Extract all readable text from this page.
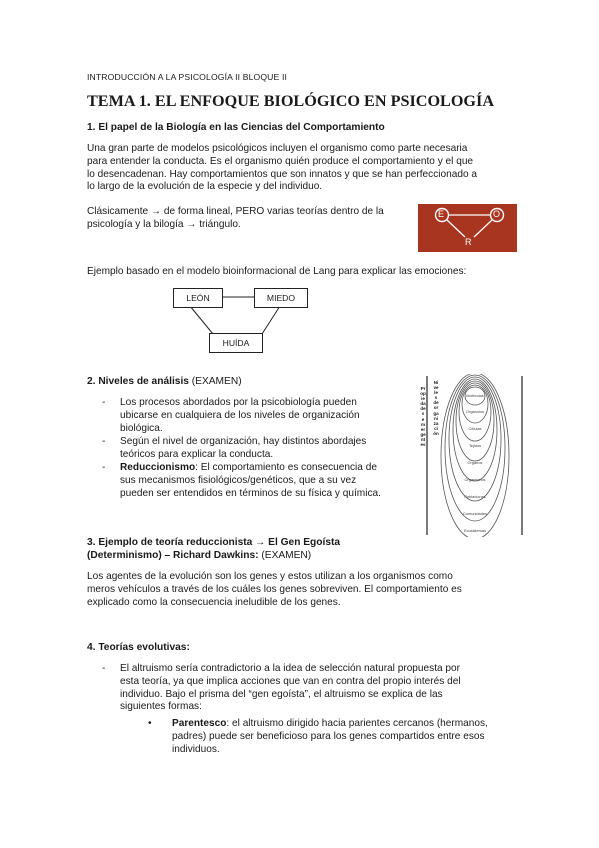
INTRODUCCIÓN A LA PSICOLOGÍA II BLOQUE II
TEMA 1. EL ENFOQUE BIOLÓGICO EN PSICOLOGÍA
1. El papel de la Biología en las Ciencias del Comportamiento
Una gran parte de modelos psicológicos incluyen el organismo como parte necesaria
para entender la conducta. Es el organismo quién produce el comportamiento y el que
lo desencadenan. Hay comportamientos que son innatos y que se han perfeccionado a
lo largo de la evolución de la especie y del individuo.
Clásicamente → de forma lineal, PERO varias teorías dentro de la
psicología y la bilogía → triángulo.
E	O
R
Ejemplo basado en el modelo bioinformacional de Lang para explicar las emociones:
LEÓN	MIEDO
HUÍDA
2. Niveles de análisis (EXAMEN)
- Los procesos abordados por la psicobiología pueden
ubicarse en cualquiera de los niveles de organización
biológica.
- Según el nivel de organización, hay distintos abordajes
teóricos para explicar la conducta.
- Reduccionismo: El comportamiento es consecuencia de
sus mecanismos fisiológicos/genéticos, que a su vez
pueden ser entendidos en términos de su física y química.
Moléculas
Orgánulos
Células
Tejidos
Órganos
Organismos
Poblaciones
Comunidades
Ecosistemas
Propiedades emergentes
Niveles de organización
3. Ejemplo de teoría reduccionista → El Gen Egoísta
(Determinismo) – Richard Dawkins: (EXAMEN)
Los agentes de la evolución son los genes y estos utilizan a los organismos como
meros vehículos a través de los cuáles los genes sobreviven. El comportamiento es
explicado como la consecuencia ineludible de los genes.
4. Teorías evolutivas:
- El altruismo sería contradictorio a la idea de selección natural propuesta por
esta teoría, ya que implica acciones que van en contra del propio interés del
individuo. Bajo el prisma del “gen egoísta”, el altruismo se explica de las
siguientes formas:
• Parentesco: el altruismo dirigido hacia parientes cercanos (hermanos,
padres) puede ser beneficioso para los genes compartidos entre esos
individuos.
